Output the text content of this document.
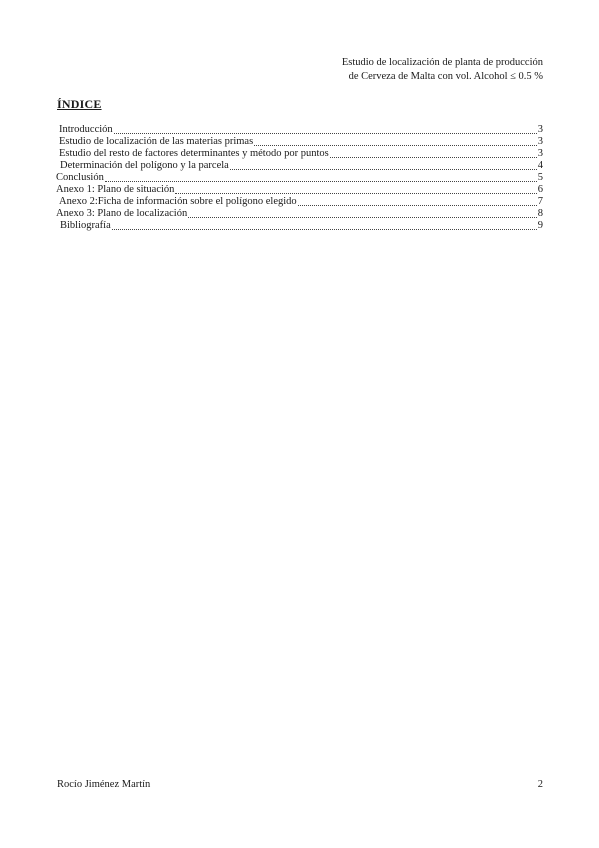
Estudio de localización de planta de producción
de Cerveza de Malta con vol. Alcohol ≤ 0.5 %
ÍNDICE
Introducción	3
Estudio de localización de las materias primas	3
Estudio del resto de factores determinantes y método por puntos	3
Determinación del polígono y la parcela	4
Conclusión	5
Anexo 1: Plano de situación	6
Anexo 2:Ficha de información sobre el polígono elegido	7
Anexo 3: Plano de localización	8
Bibliografía	9
Rocío Jiménez Martín	2
